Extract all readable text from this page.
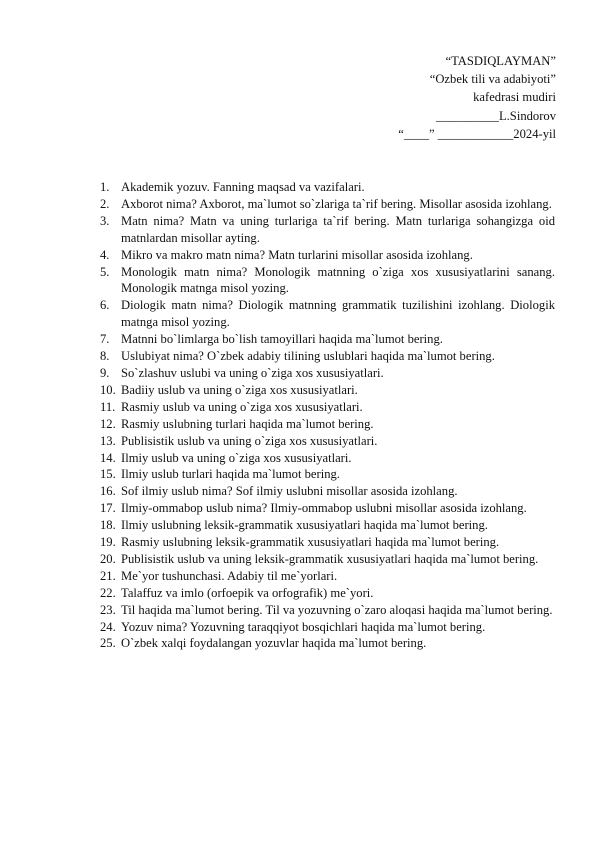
“TASDIQLAYMAN”
“Ozbek tili va adabiyoti”
kafedrasi mudiri
__________L.Sindorov
“____” ____________2024-yil
1. Akademik yozuv. Fanning maqsad va vazifalari.
2. Axborot nima? Axborot, ma`lumot so`zlariga ta`rif bering. Misollar asosida izohlang.
3. Matn nima? Matn va uning turlariga ta`rif bering. Matn turlariga sohangizga oid matnlardan misollar ayting.
4. Mikro va makro matn nima? Matn turlarini misollar asosida izohlang.
5. Monologik matn nima? Monologik matnning o`ziga xos xususiyatlarini sanang. Monologik matnga misol yozing.
6. Diologik matn nima? Diologik matnning grammatik tuzilishini izohlang. Diologik matnga misol yozing.
7. Matnni bo`limlarga bo`lish tamoyillari haqida ma`lumot bering.
8. Uslubiyat nima? O`zbek adabiy tilining uslublari haqida ma`lumot bering.
9. So`zlashuv uslubi va uning o`ziga xos xususiyatlari.
10. Badiiy uslub va uning o`ziga xos xususiyatlari.
11. Rasmiy uslub va uning o`ziga xos xususiyatlari.
12. Rasmiy uslubning turlari haqida ma`lumot bering.
13. Publisistik uslub va uning o`ziga xos xususiyatlari.
14. Ilmiy uslub va uning o`ziga xos xususiyatlari.
15. Ilmiy uslub turlari haqida ma`lumot bering.
16. Sof ilmiy uslub nima? Sof ilmiy uslubni misollar asosida izohlang.
17. Ilmiy-ommabop uslub nima? Ilmiy-ommabop uslubni misollar asosida izohlang.
18. Ilmiy uslubning leksik-grammatik xususiyatlari haqida ma`lumot bering.
19. Rasmiy uslubning leksik-grammatik xususiyatlari haqida ma`lumot bering.
20. Publisistik uslub va uning leksik-grammatik xususiyatlari haqida ma`lumot bering.
21. Me`yor tushunchasi. Adabiy til me`yorlari.
22. Talaffuz va imlo (orfoepik va orfografik) me`yori.
23. Til haqida ma`lumot bering. Til va yozuvning o`zaro aloqasi haqida ma`lumot bering.
24. Yozuv nima? Yozuvning taraqqiyot bosqichlari haqida ma`lumot bering.
25. O`zbek xalqi foydalangan yozuvlar haqida ma`lumot bering.
